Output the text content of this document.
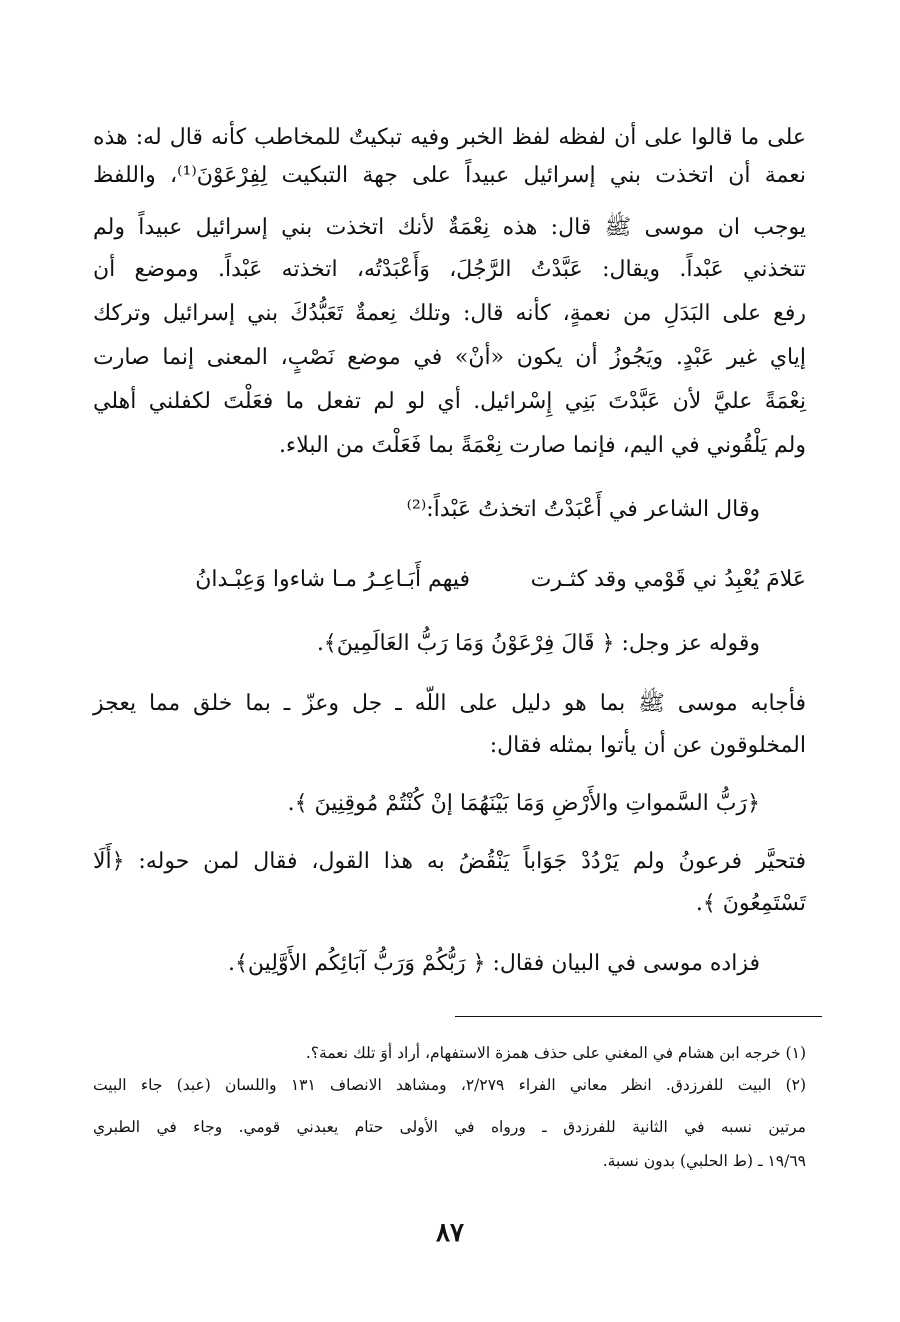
على ما قالوا على أن لفظه لفظ الخبر وفيه تبكيتٌ للمخاطب كأنه قال له: هذه
نعمة أن اتخذت بني إسرائيل عبيداً على جهة التبكيت لِفِرْعَوْنَ⁽¹⁾، واللفظ
يوجب ان موسى ﷺ قال: هذه نِعْمَةٌ لأنك اتخذت بني إسرائيل عبيداً ولم
تتخذني عَبْداً. ويقال: عَبَّدْتُ الرَّجُلَ، وَأَعْبَدْتُه، اتخذته عَبْداً. وموضع أن
رفع على البَدَلِ من نعمةٍ، كأنه قال: وتلك نِعمةٌ تَعَبُّدُكَ بني إسرائيل وتركك
إياي غير عَبْدٍ. ويَجُوزُ أن يكون «أنْ» في موضع نَصْبٍ، المعنى إنما صارت
نِعْمَةً عليَّ لأن عَبَّدْتَ بَنِي إِسْرائيل. أي لو لم تفعل ما فعَلْتَ لكفلني أهلي
ولم يَلْقُوني في اليم، فإنما صارت نِعْمَةً بما فَعَلْتَ من البلاء.
وقال الشاعر في أَعْبَدْتُ اتخذتُ عَبْداً:⁽²⁾
عَلامَ يُعْبِدُ ني قَوْمي وقد كثـرت
فيهم أَبَـاعِـرُ مـا شاءوا وَعِبْـدانُ
وقوله عز وجل: ﴿ قَالَ فِرْعَوْنُ وَمَا رَبُّ العَالَمِينَ﴾.
فأجابه موسى ﷺ بما هو دليل على اللّه ـ جل وعزّ ـ بما خلق مما يعجز
المخلوقون عن أن يأتوا بمثله فقال:
﴿رَبُّ السَّمواتِ والأَرْضِ وَمَا بَيْنَهُمَا إنْ كُنْتُمْ مُوقِنِينَ ﴾.
فتحيَّر فرعونُ ولم يَرْدُدْ جَوَاباً يَنْقُضُ به هذا القول، فقال لمن حوله: ﴿أَلَا
تَسْتَمِعُونَ ﴾.
فزاده موسى في البيان فقال: ﴿ رَبُّكُمْ وَرَبُّ آبَائِكُم الأَوَّلِين﴾.
(١) خرجه ابن هشام في المغني على حذف همزة الاستفهام، أراد أوَ تلك نعمة؟.
(٢) البيت للفرزدق. انظر معاني الفراء ٢/٢٧٩، ومشاهد الانصاف ١٣١ واللسان (عبد) جاء البيت
مرتين نسبه في الثانية للفرزدق ـ ورواه في الأولى حتام يعبدني قومي. وجاء في الطبري
١٩/٦٩ ـ (ط الحلبي) بدون نسبة.
٨٧
